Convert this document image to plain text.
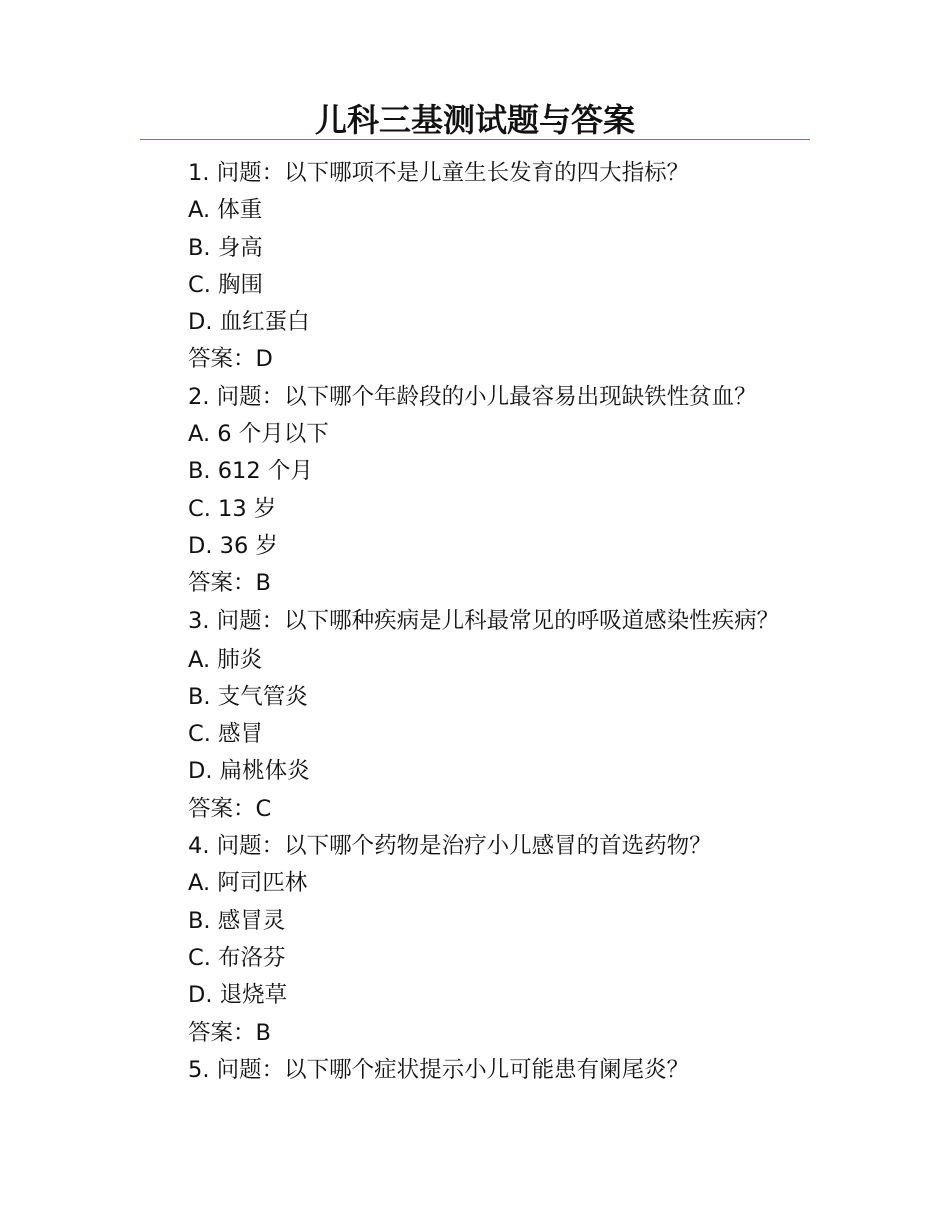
儿科三基测试题与答案
1. 问题：以下哪项不是儿童生长发育的四大指标？
A. 体重
B. 身高
C. 胸围
D. 血红蛋白
答案：D
2. 问题：以下哪个年龄段的小儿最容易出现缺铁性贫血？
A. 6 个月以下
B. 612 个月
C. 13 岁
D. 36 岁
答案：B
3. 问题：以下哪种疾病是儿科最常见的呼吸道感染性疾病？
A. 肺炎
B. 支气管炎
C. 感冒
D. 扁桃体炎
答案：C
4. 问题：以下哪个药物是治疗小儿感冒的首选药物？
A. 阿司匹林
B. 感冒灵
C. 布洛芬
D. 退烧草
答案：B
5. 问题：以下哪个症状提示小儿可能患有阑尾炎？
